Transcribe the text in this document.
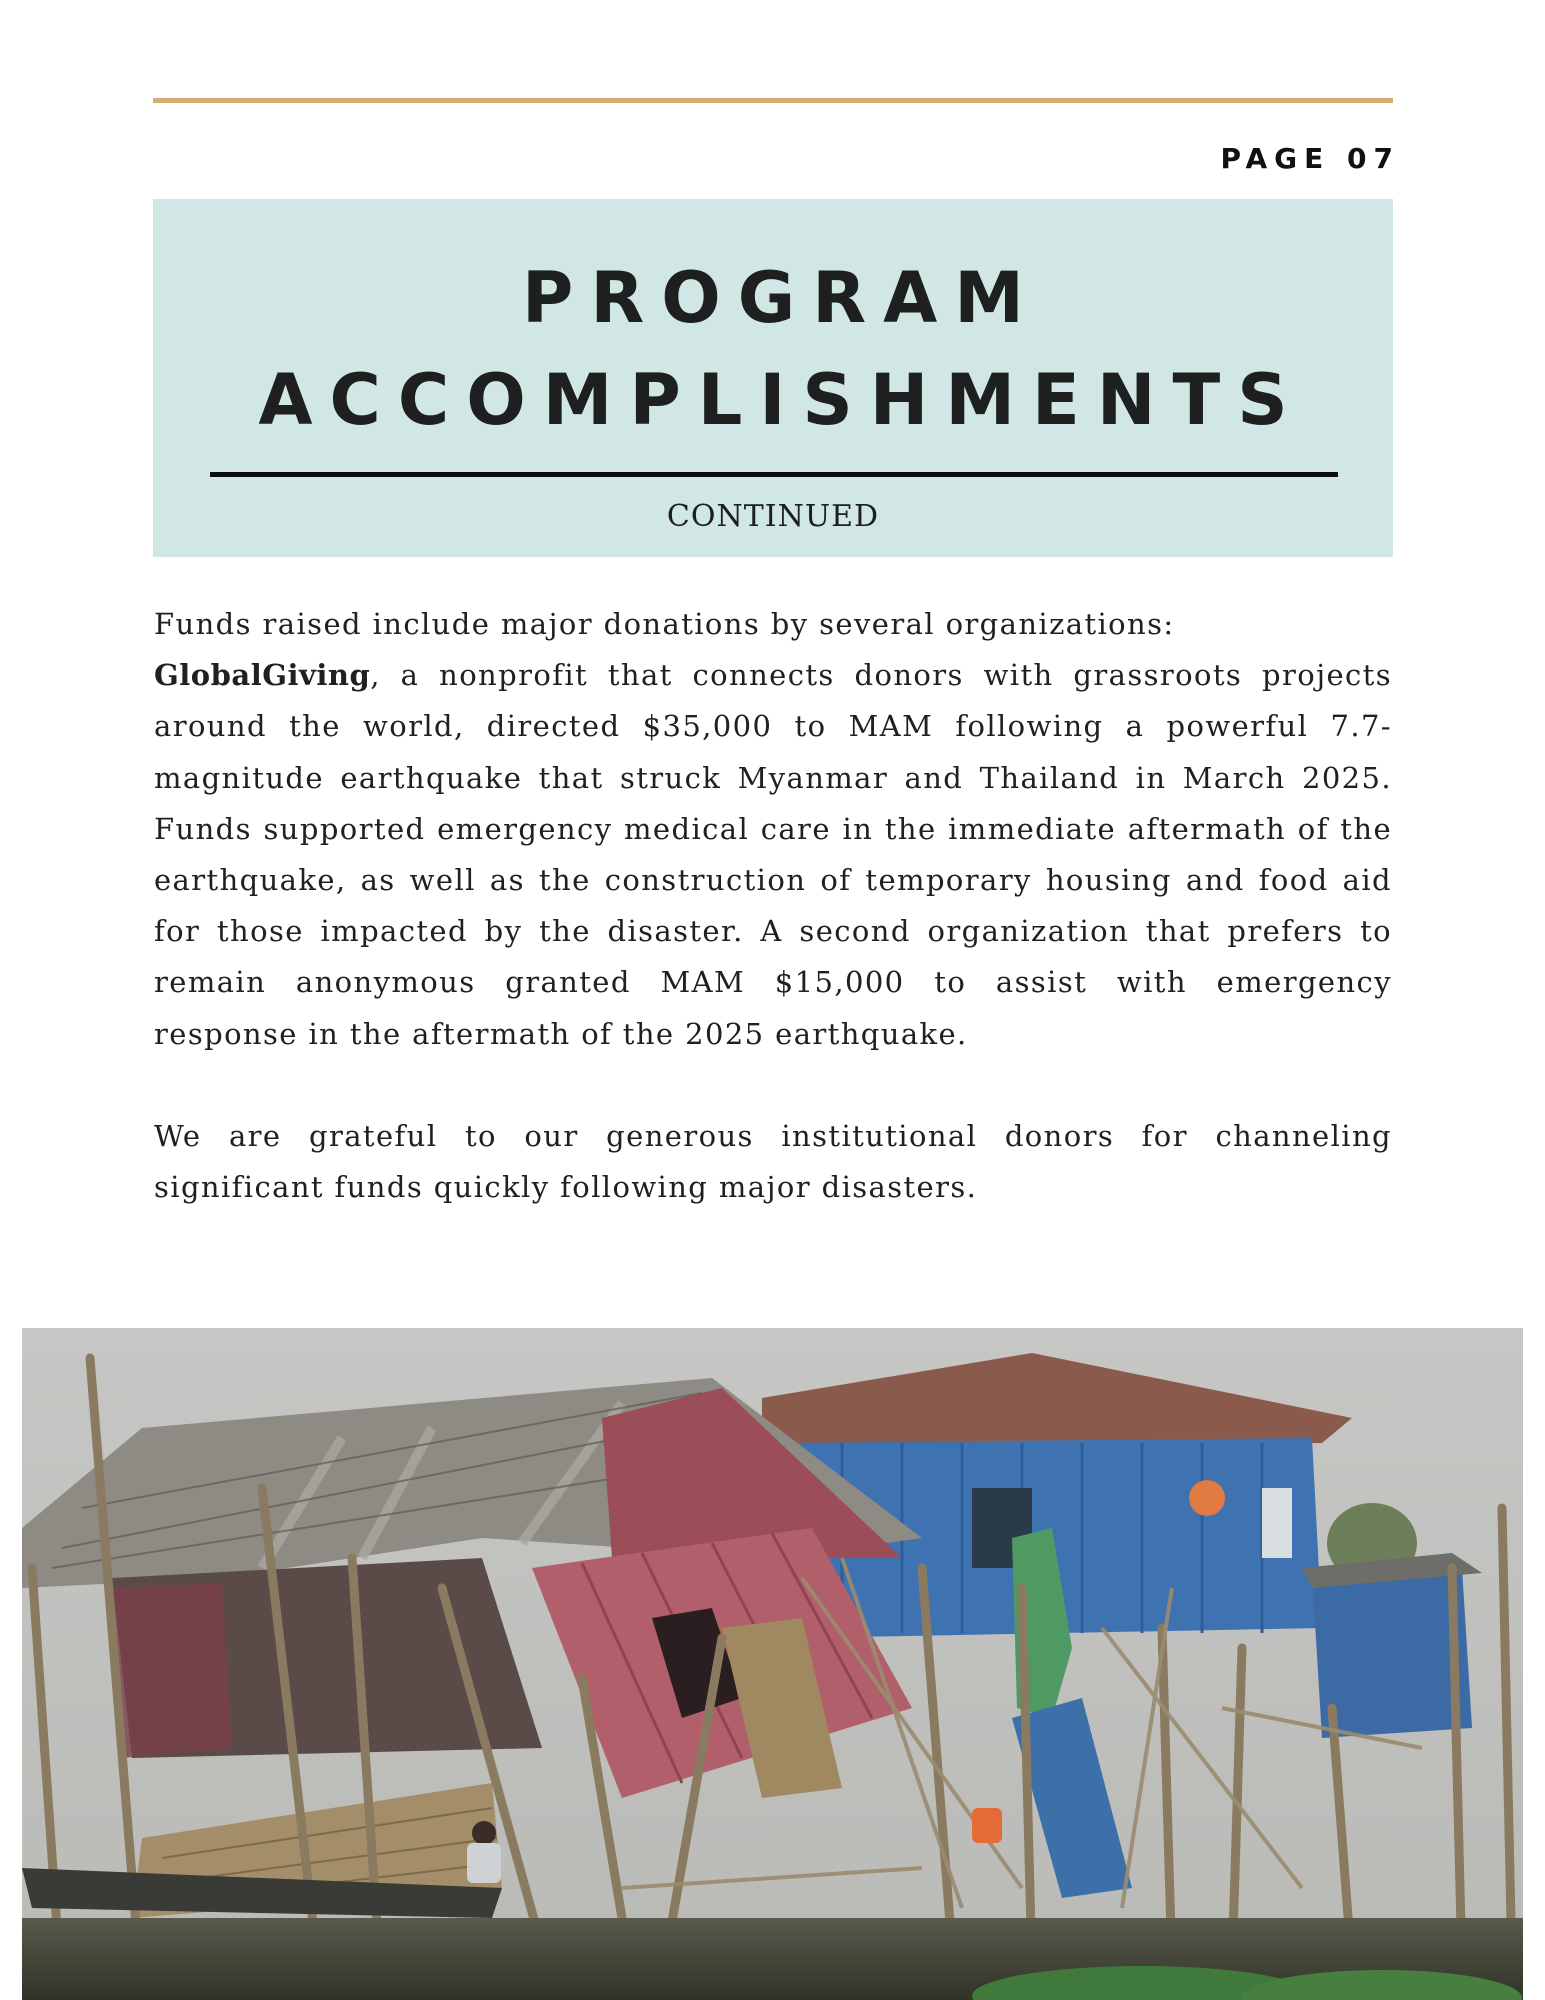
PAGE 07
PROGRAM
ACCOMPLISHMENTS
CONTINUED

Funds raised include major donations by several organizations:

GlobalGiving, a nonprofit that connects donors with grassroots projects around the world, directed $35,000 to MAM following a powerful 7.7-magnitude earthquake that struck Myanmar and Thailand in March 2025. Funds supported emergency medical care in the immediate aftermath of the earthquake, as well as the construction of temporary housing and food aid for those impacted by the disaster. A second organization that prefers to remain anonymous granted MAM $15,000 to assist with emergency response in the aftermath of the 2025 earthquake.

We are grateful to our generous institutional donors for channeling significant funds quickly following major disasters.
